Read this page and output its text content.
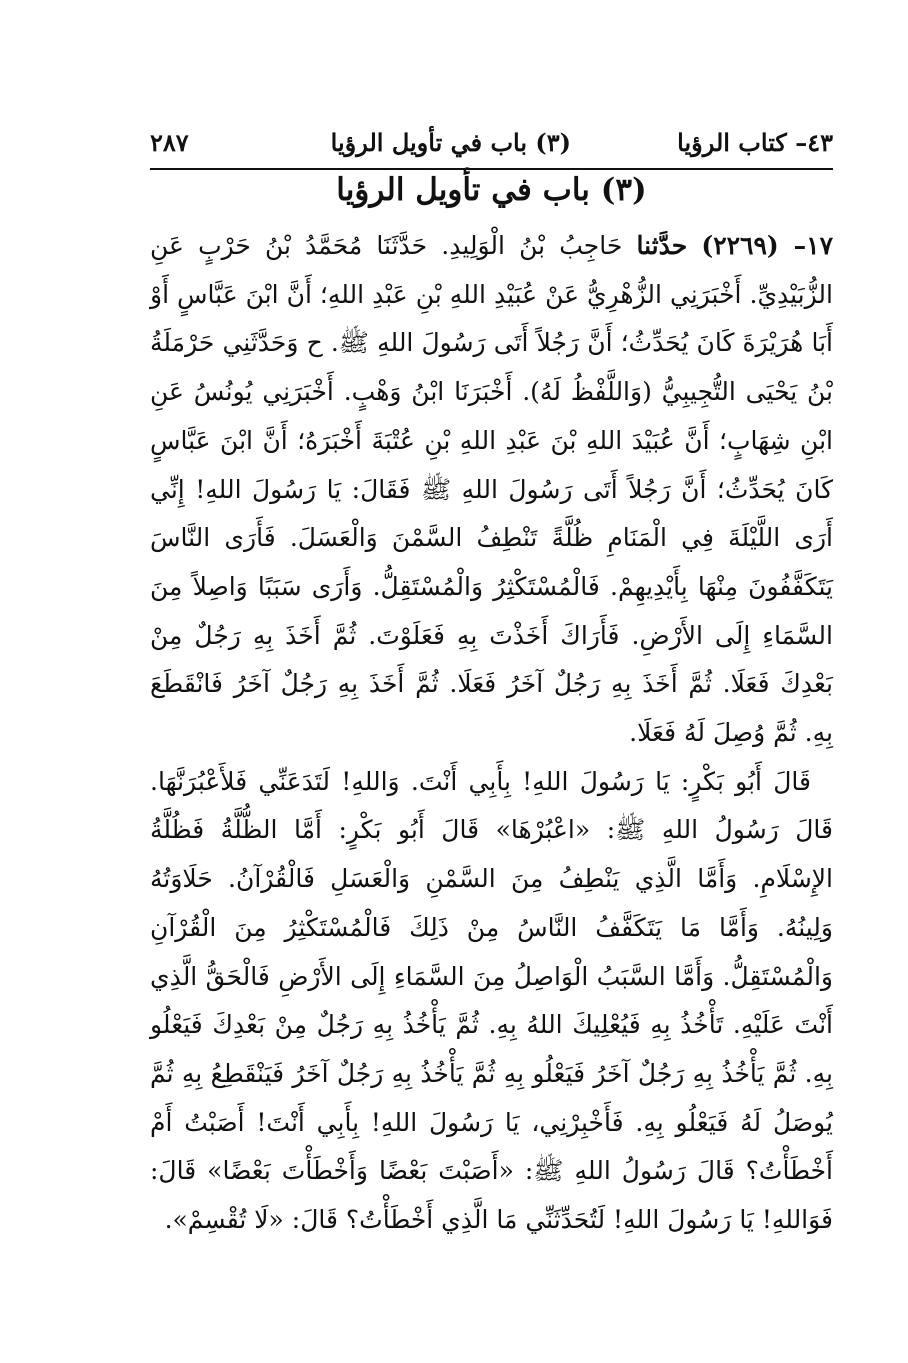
٤٣– كتاب الرؤيا
(٣) باب في تأويل الرؤيا
٢٨٧
(٣) باب في تأويل الرؤيا

١٧– (٢٢٦٩) حدَّثنا حَاجِبُ بْنُ الْوَلِيدِ. حَدَّثَنَا مُحَمَّدُ بْنُ حَرْبٍ عَنِ الزُّبَيْدِيِّ. أَخْبَرَنِي الزُّهْرِيُّ عَنْ عُبَيْدِ اللهِ بْنِ عَبْدِ اللهِ؛ أَنَّ ابْنَ عَبَّاسٍ أَوْ أَبَا هُرَيْرَةَ كَانَ يُحَدِّثُ؛ أَنَّ رَجُلاً أَتَى رَسُولَ اللهِ ﷺ. ح وَحَدَّثَنِي حَرْمَلَةُ بْنُ يَحْيَى التُّجِيبِيُّ (وَاللَّفْظُ لَهُ). أَخْبَرَنَا ابْنُ وَهْبٍ. أَخْبَرَنِي يُونُسُ عَنِ ابْنِ شِهَابٍ؛ أَنَّ عُبَيْدَ اللهِ بْنَ عَبْدِ اللهِ بْنِ عُتْبَةَ أَخْبَرَهُ؛ أَنَّ ابْنَ عَبَّاسٍ كَانَ يُحَدِّثُ؛ أَنَّ رَجُلاً أَتَى رَسُولَ اللهِ ﷺ فَقَالَ: يَا رَسُولَ اللهِ! إِنِّي أَرَى اللَّيْلَةَ فِي الْمَنَامِ ظُلَّةً تَنْطِفُ السَّمْنَ وَالْعَسَلَ. فَأَرَى النَّاسَ يَتَكَفَّفُونَ مِنْهَا بِأَيْدِيهِمْ. فَالْمُسْتَكْثِرُ وَالْمُسْتَقِلُّ. وَأَرَى سَبَبًا وَاصِلاً مِنَ السَّمَاءِ إِلَى الأَرْضِ. فَأَرَاكَ أَخَذْتَ بِهِ فَعَلَوْتَ. ثُمَّ أَخَذَ بِهِ رَجُلٌ مِنْ بَعْدِكَ فَعَلَا. ثُمَّ أَخَذَ بِهِ رَجُلٌ آخَرُ فَعَلَا. ثُمَّ أَخَذَ بِهِ رَجُلٌ آخَرُ فَانْقَطَعَ بِهِ. ثُمَّ وُصِلَ لَهُ فَعَلَا.

قَالَ أَبُو بَكْرٍ: يَا رَسُولَ اللهِ! بِأَبِي أَنْتَ. وَاللهِ! لَتَدَعَنِّي فَلأَعْبُرَنَّهَا. قَالَ رَسُولُ اللهِ ﷺ: «اعْبُرْهَا» قَالَ أَبُو بَكْرٍ: أَمَّا الظُّلَّةُ فَظُلَّةُ الإِسْلَامِ. وَأَمَّا الَّذِي يَنْطِفُ مِنَ السَّمْنِ وَالْعَسَلِ فَالْقُرْآنُ. حَلَاوَتُهُ وَلِينُهُ. وَأَمَّا مَا يَتَكَفَّفُ النَّاسُ مِنْ ذَلِكَ فَالْمُسْتَكْثِرُ مِنَ الْقُرْآنِ وَالْمُسْتَقِلُّ. وَأَمَّا السَّبَبُ الْوَاصِلُ مِنَ السَّمَاءِ إِلَى الأَرْضِ فَالْحَقُّ الَّذِي أَنْتَ عَلَيْهِ. تَأْخُذُ بِهِ فَيُعْلِيكَ اللهُ بِهِ. ثُمَّ يَأْخُذُ بِهِ رَجُلٌ مِنْ بَعْدِكَ فَيَعْلُو بِهِ. ثُمَّ يَأْخُذُ بِهِ رَجُلٌ آخَرُ فَيَعْلُو بِهِ ثُمَّ يَأْخُذُ بِهِ رَجُلٌ آخَرُ فَيَنْقَطِعُ بِهِ ثُمَّ يُوصَلُ لَهُ فَيَعْلُو بِهِ. فَأَخْبِرْنِي، يَا رَسُولَ اللهِ! بِأَبِي أَنْتَ! أَصَبْتُ أَمْ أَخْطَأْتُ؟ قَالَ رَسُولُ اللهِ ﷺ: «أَصَبْتَ بَعْضًا وَأَخْطَأْتَ بَعْضًا» قَالَ: فَوَاللهِ! يَا رَسُولَ اللهِ! لَتُحَدِّثَنِّي مَا الَّذِي أَخْطَأْتُ؟ قَالَ: «لَا تُقْسِمْ».
